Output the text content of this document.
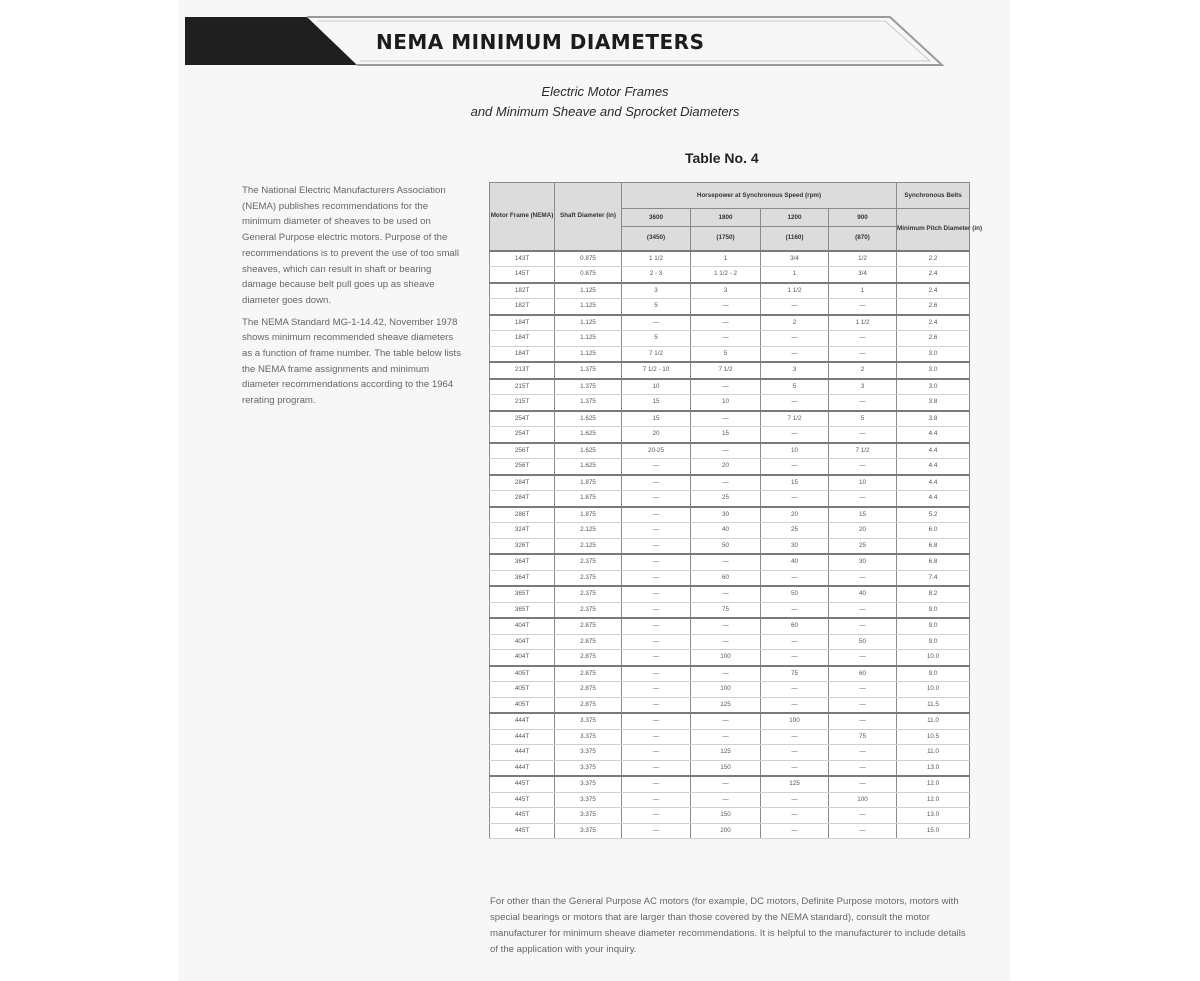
NEMA MINIMUM DIAMETERS
Electric Motor Frames
and Minimum Sheave and Sprocket Diameters
Table No. 4

The National Electric Manufacturers Association (NEMA) publishes recommendations for the minimum diameter of sheaves to be used on General Purpose electric motors. Purpose of the recommendations is to prevent the use of too small sheaves, which can result in shaft or bearing damage because belt pull goes up as sheave diameter goes down.

The NEMA Standard MG-1-14.42, November 1978 shows minimum recommended sheave diameters as a function of frame number. The table below lists the NEMA frame assignments and minimum diameter recommendations according to the 1964 rerating program.

Motor Frame (NEMA)	Shaft Diameter (in)	Horsepower at Synchronous Speed (rpm)				Synchronous Belts
		3600	1800	1200	900	Minimum Pitch Diameter (in)
		(3450)	(1750)	(1160)	(870)	
143T	0.875	1 1/2	1	3/4	1/2	2.2
145T	0.875	2 - 3	1 1/2 - 2	1	3/4	2.4
182T	1.125	3	3	1 1/2	1	2.4
182T	1.125	5	—	—	—	2.6
184T	1.125	—	—	2	1 1/2	2.4
184T	1.125	5	—	—	—	2.6
184T	1.125	7 1/2	5	—	—	3.0
213T	1.375	7 1/2 - 10	7 1/2	3	2	3.0
215T	1.375	10	—	5	3	3.0
215T	1.375	15	10	—	—	3.8
254T	1.625	15	—	7 1/2	5	3.8
254T	1.625	20	15	—	—	4.4
256T	1.625	20-25	—	10	7 1/2	4.4
256T	1.625	—	20	—	—	4.4
284T	1.875	—	—	15	10	4.4
284T	1.875	—	25	—	—	4.4
286T	1.875	—	30	20	15	5.2
324T	2.125	—	40	25	20	6.0
326T	2.125	—	50	30	25	6.8
364T	2.375	—	—	40	30	6.8
364T	2.375	—	60	—	—	7.4
365T	2.375	—	—	50	40	8.2
365T	2.375	—	75	—	—	9.0
404T	2.875	—	—	60	—	9.0
404T	2.875	—	—	—	50	9.0
404T	2.875	—	100	—	—	10.0
405T	2.875	—	—	75	60	9.0
405T	2.875	—	100	—	—	10.0
405T	2.875	—	125	—	—	11.5
444T	3.375	—	—	100	—	11.0
444T	3.375	—	—	—	75	10.5
444T	3.375	—	125	—	—	11.0
444T	3.375	—	150	—	—	13.0
445T	3.375	—	—	125	—	12.0
445T	3.375	—	—	—	100	12.0
445T	3.375	—	150	—	—	13.0
445T	3.375	—	200	—	—	15.0
For other than the General Purpose AC motors (for example, DC motors, Definite Purpose motors, motors with special bearings or motors that are larger than those covered by the NEMA standard), consult the motor manufacturer for minimum sheave diameter recommendations. It is helpful to the manufacturer to include details of the application with your inquiry.
